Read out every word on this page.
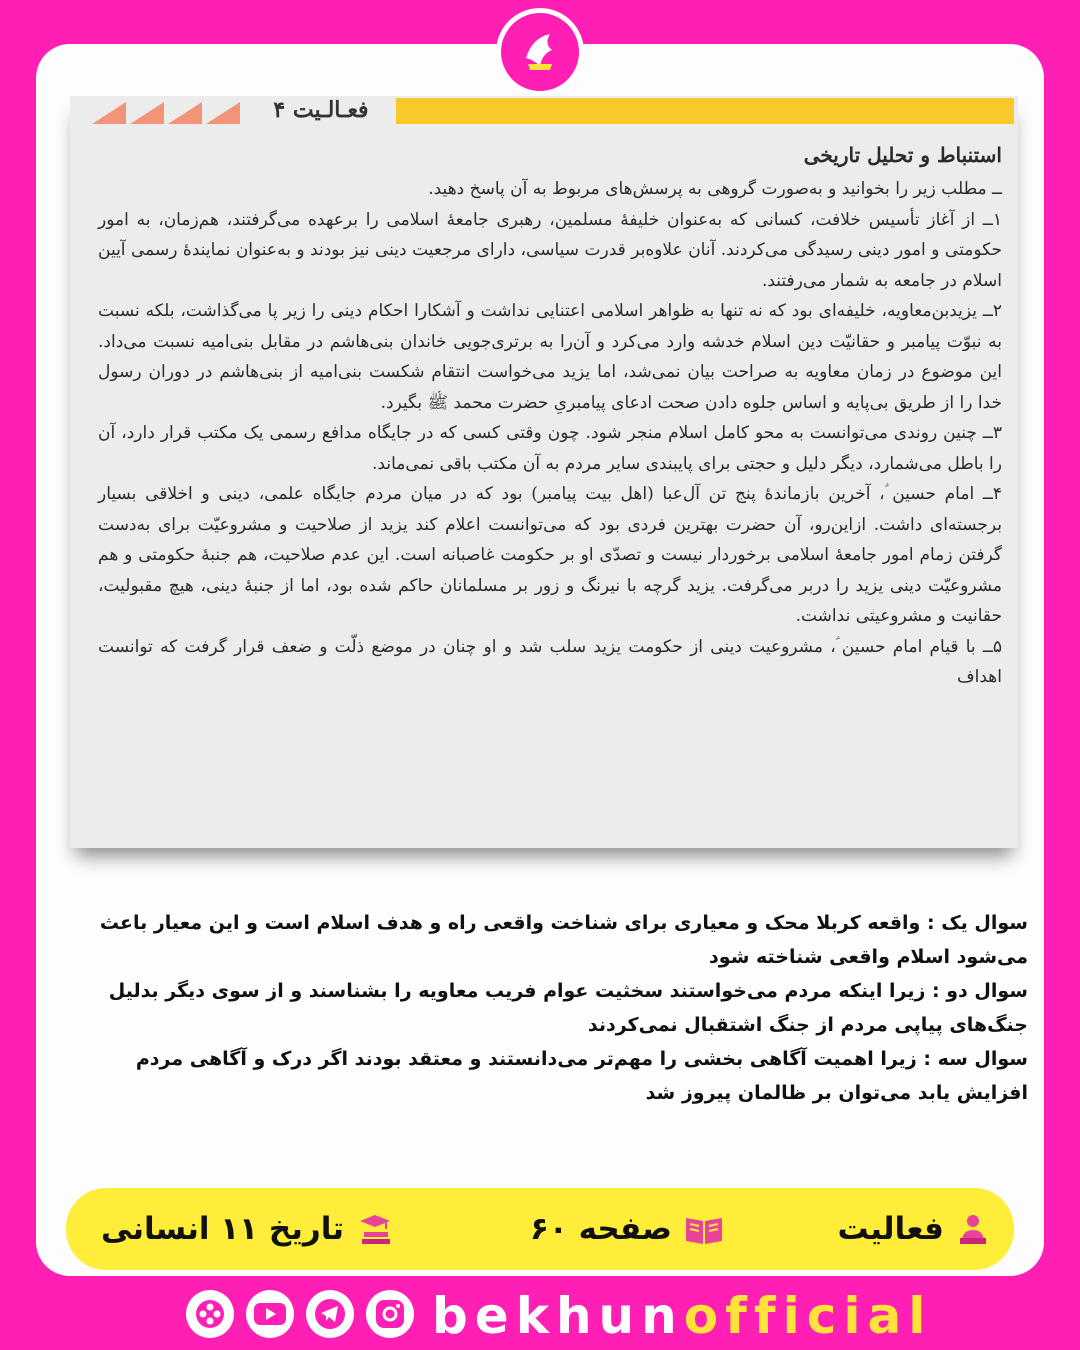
فعـالـیت ۴
استنباط و تحلیل تاریخی

ــ مطلب زیر را بخوانید و به‌صورت گروهی به پرسش‌های مربوط به آن پاسخ دهید.

۱ــ از آغاز تأسیس خلافت، کسانی که به‌عنوان خلیفهٔ مسلمین، رهبری جامعهٔ اسلامی را برعهده می‌گرفتند، هم‌زمان، به امور حکومتی و امور دینی رسیدگی می‌کردند. آنان علاوه‌بر قدرت سیاسی، دارای مرجعیت دینی نیز بودند و به‌عنوان نمایندهٔ رسمی آیین اسلام در جامعه به شمار می‌رفتند.

۲ــ یزیدبن‌معاویه، خلیفه‌ای بود که نه تنها به ظواهر اسلامی اعتنایی نداشت و آشکارا احکام دینی را زیر پا می‌گذاشت، بلکه نسبت به نبوّت پیامبر و حقانیّت دین اسلام خدشه وارد می‌کرد و آن‌را به برتری‌جویی خاندان بنی‌هاشم در مقابل بنی‌امیه نسبت می‌داد. این موضوع در زمان معاویه به صراحت بیان نمی‌شد، اما یزید می‌خواست انتقام شکست بنی‌امیه از بنی‌هاشم در دوران رسول خدا را از طریق بی‌پایه و اساس جلوه دادن صحت ادعای پیامبریِ حضرت محمد ﷺ بگیرد.

۳ــ چنین روندی می‌توانست به محو کامل اسلام منجر شود. چون وقتی کسی که در جایگاه مدافع رسمی یک مکتب قرار دارد، آن را باطل می‌شمارد، دیگر دلیل و حجتی برای پایبندی سایر مردم به آن مکتب باقی نمی‌ماند.

۴ــ امام حسین ؑ، آخرین بازماندهٔ پنج تن آل‌عبا (اهل بیت پیامبر) بود که در میان مردم جایگاه علمی، دینی و اخلاقی بسیار برجسته‌ای داشت. ازاین‌رو، آن حضرت بهترین فردی بود که می‌توانست اعلام کند یزید از صلاحیت و مشروعیّت برای به‌دست گرفتن زمام امور جامعهٔ اسلامی برخوردار نیست و تصدّی او بر حکومت غاصبانه است. این عدم صلاحیت، هم جنبهٔ حکومتی و هم مشروعیّت دینی یزید را دربر می‌گرفت. یزید گرچه با نیرنگ و زور بر مسلمانان حاکم شده بود، اما از جنبهٔ دینی، هیچ مقبولیت، حقانیت و مشروعیتی نداشت.

۵ــ با قیام امام حسین ؑ، مشروعیت دینی از حکومت یزید سلب شد و او چنان در موضع ذلّت و ضعف قرار گرفت که توانست اهداف

سوال یک : واقعه کربلا محک و معیاری برای شناخت واقعی راه و هدف اسلام است و این معیار باعث می‌شود اسلام واقعی شناخته شود

سوال دو : زیرا اینکه مردم می‌خواستند سخثیت عوام فریب معاویه را بشناسند و از سوی دیگر بدلیل جنگ‌های پیاپی مردم از جنگ اشتقبال نمی‌کردند

سوال سه : زیرا اهمیت آگاهی بخشی را مهم‌تر می‌دانستند و معتقد بودند اگر درک و آگاهی مردم افزایش یابد می‌توان بر ظالمان پیروز شد

فعالیت
صفحه ۶۰
تاریخ ۱۱ انسانی
bekhunofficial
